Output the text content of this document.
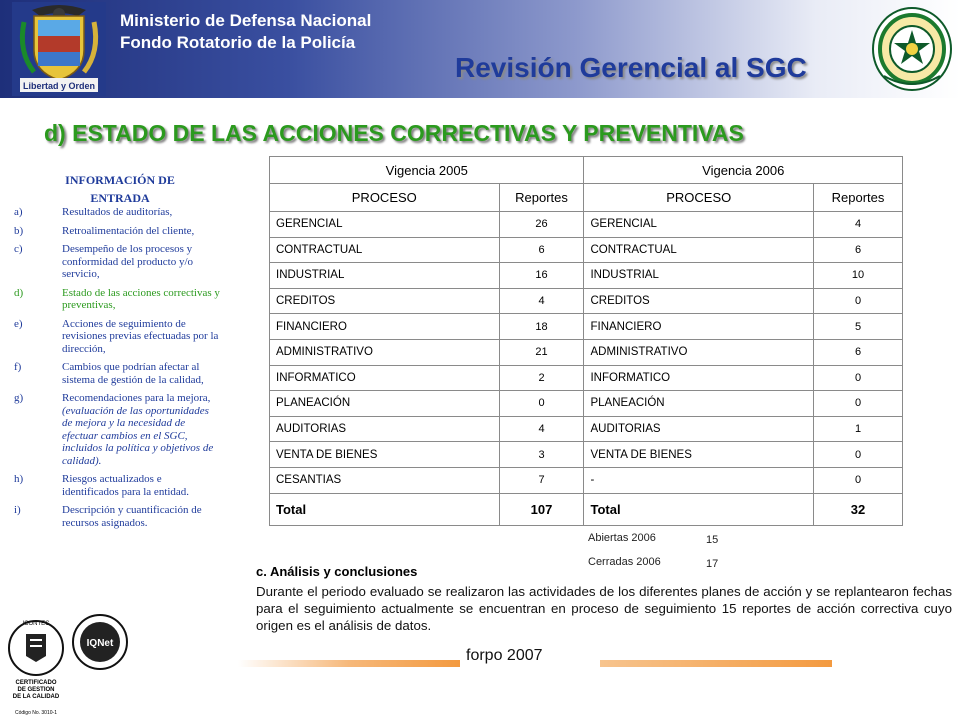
Libertad y Orden
Ministerio de Defensa Nacional
Fondo Rotatorio de la Policía
Revisión Gerencial al SGC
d) ESTADO DE LAS ACCIONES CORRECTIVAS Y PREVENTIVAS
INFORMACIÓN DE
ENTRADA
a)	Resultados de auditorías,
b)	Retroalimentación del cliente,
c)	Desempeño de los procesos y conformidad del producto y/o servicio,
d)	Estado de las acciones correctivas y preventivas,
e)	Acciones de seguimiento de revisiones previas efectuadas por la dirección,
f)	Cambios que podrían afectar al sistema de gestión de la calidad,
g)	Recomendaciones para la mejora, (evaluación de las oportunidades de mejora y la necesidad de efectuar cambios en el SGC, incluidos la política y objetivos de calidad).
h)	Riesgos actualizados e identificados para la entidad.
i)	Descripción y cuantificación de recursos asignados.
Vigencia 2005		Vigencia 2006	
PROCESO	Reportes	PROCESO	Reportes
GERENCIAL	26	GERENCIAL	4
CONTRACTUAL	6	CONTRACTUAL	6
INDUSTRIAL	16	INDUSTRIAL	10
CREDITOS	4	CREDITOS	0
FINANCIERO	18	FINANCIERO	5
ADMINISTRATIVO	21	ADMINISTRATIVO	6
INFORMATICO	2	INFORMATICO	0
PLANEACIÓN	0	PLANEACIÓN	0
AUDITORIAS	4	AUDITORIAS	1
VENTA DE BIENES	3	VENTA DE BIENES	0
CESANTIAS	7	-	0
Total	107	Total	32
Abiertas 2006	15
Cerradas 2006	17
c. Análisis y conclusiones
Durante el periodo evaluado se realizaron las actividades de los diferentes planes de acción y se replantearon fechas para el seguimiento actualmente se encuentran en proceso de seguimiento 15 reportes de acción correctiva cuyo origen es el análisis de datos.
forpo 2007
ICONTEC
CERTIFICADO
DE GESTION
DE LA CALIDAD
Código No. 3010-1
IQNet
